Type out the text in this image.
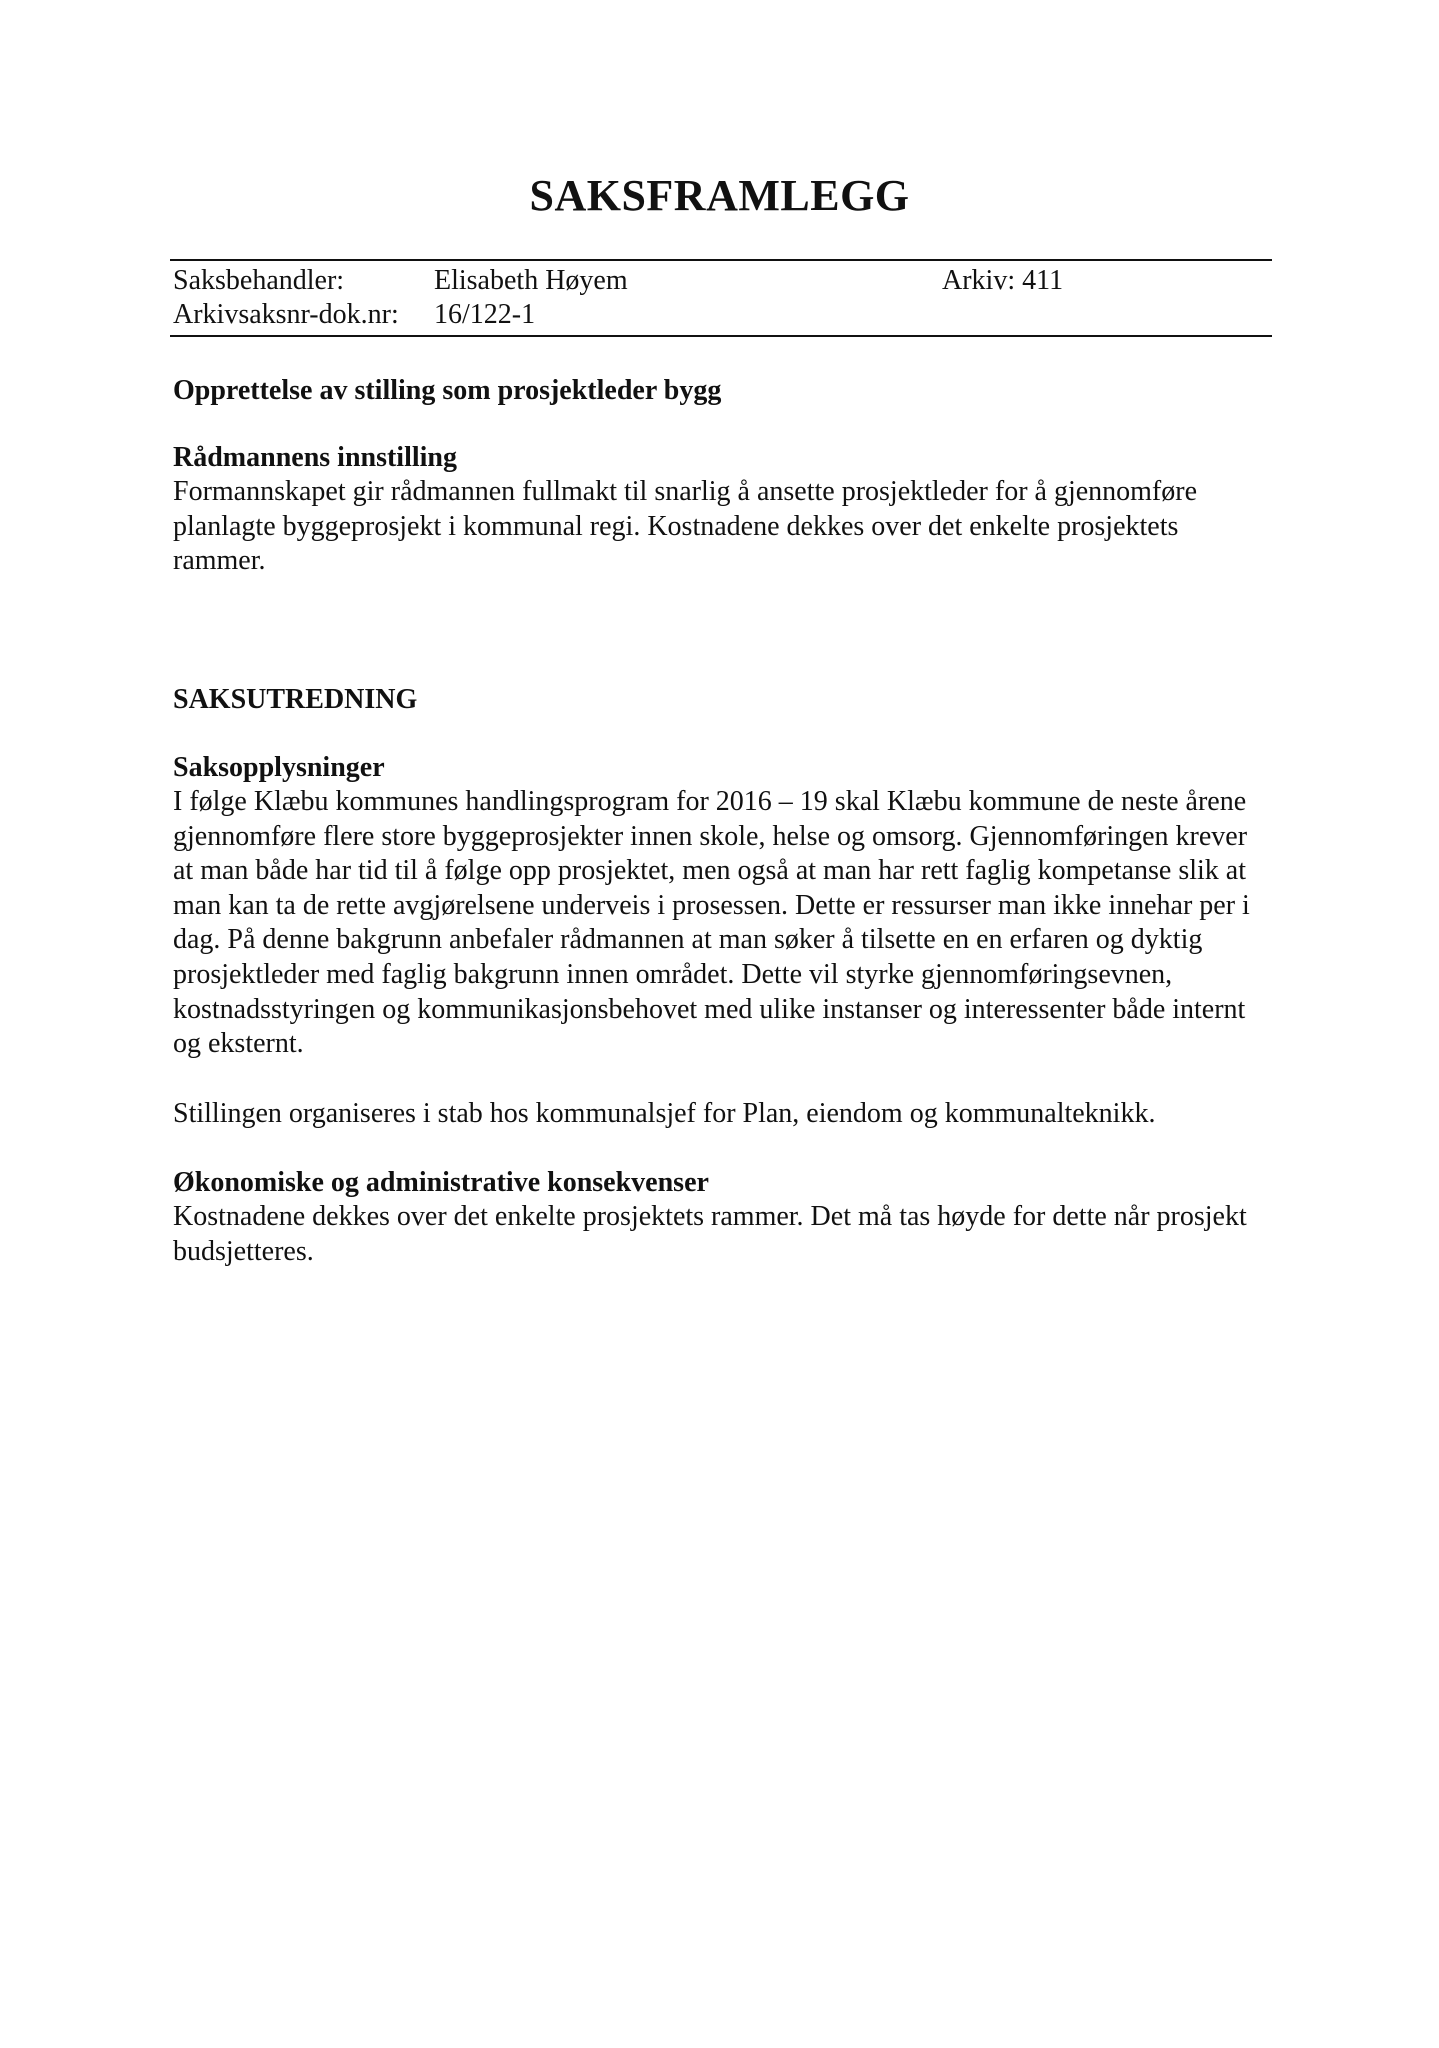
SAKSFRAMLEGG
Saksbehandler:	Elisabeth Høyem	Arkiv: 411
Arkivsaksnr-dok.nr: 16/122-1
Opprettelse av stilling som prosjektleder bygg

Rådmannens innstilling

Formannskapet gir rådmannen fullmakt til snarlig å ansette prosjektleder for å gjennomføre planlagte byggeprosjekt i kommunal regi. Kostnadene dekkes over det enkelte prosjektets rammer.

SAKSUTREDNING

Saksopplysninger

I følge Klæbu kommunes handlingsprogram for 2016 – 19 skal Klæbu kommune de neste årene gjennomføre flere store byggeprosjekter innen skole, helse og omsorg. Gjennomføringen krever at man både har tid til å følge opp prosjektet, men også at man har rett faglig kompetanse slik at man kan ta de rette avgjørelsene underveis i prosessen. Dette er ressurser man ikke innehar per i dag. På denne bakgrunn anbefaler rådmannen at man søker å tilsette en en erfaren og dyktig prosjektleder med faglig bakgrunn innen området. Dette vil styrke gjennomføringsevnen, kostnadsstyringen og kommunikasjonsbehovet med ulike instanser og interessenter både internt og eksternt.

Stillingen organiseres i stab hos kommunalsjef for Plan, eiendom og kommunalteknikk.

Økonomiske og administrative konsekvenser

Kostnadene dekkes over det enkelte prosjektets rammer. Det må tas høyde for dette når prosjekt budsjetteres.
